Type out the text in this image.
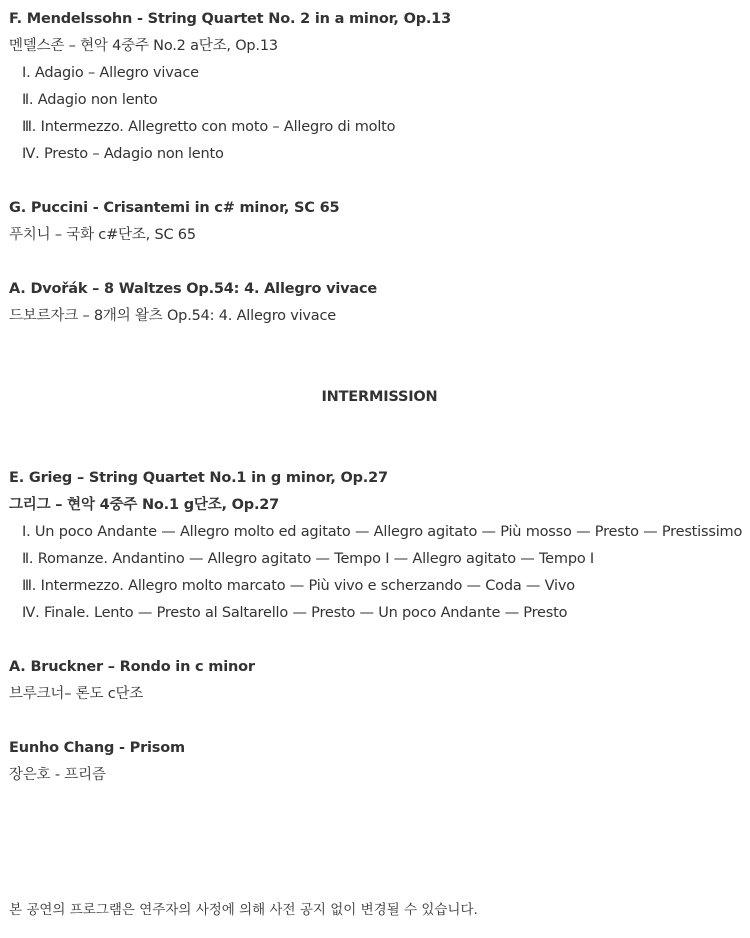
F. Mendelssohn - String Quartet No. 2 in a minor, Op.13
멘델스존 – 현악 4중주 No.2 a단조, Op.13
Ⅰ. Adagio – Allegro vivace
Ⅱ. Adagio non lento
Ⅲ. Intermezzo. Allegretto con moto – Allegro di molto
Ⅳ. Presto – Adagio non lento
G. Puccini - Crisantemi in c# minor, SC 65
푸치니 – 국화 c#단조, SC 65
A. Dvořák – 8 Waltzes Op.54: 4. Allegro vivace
드보르자크 – 8개의 왈츠 Op.54: 4. Allegro vivace
INTERMISSION
E. Grieg – String Quartet No.1 in g minor, Op.27
그리그 – 현악 4중주 No.1 g단조, Op.27
Ⅰ. Un poco Andante — Allegro molto ed agitato — Allegro agitato — Più mosso — Presto — Prestissimo
Ⅱ. Romanze. Andantino — Allegro agitato — Tempo I — Allegro agitato — Tempo I
Ⅲ. Intermezzo. Allegro molto marcato — Più vivo e scherzando — Coda — Vivo
Ⅳ. Finale. Lento — Presto al Saltarello — Presto — Un poco Andante — Presto
A. Bruckner – Rondo in c minor
브루크너– 론도 c단조
Eunho Chang - Prisom
장은호 - 프리즘
본 공연의 프로그램은 연주자의 사정에 의해 사전 공지 없이 변경될 수 있습니다.
